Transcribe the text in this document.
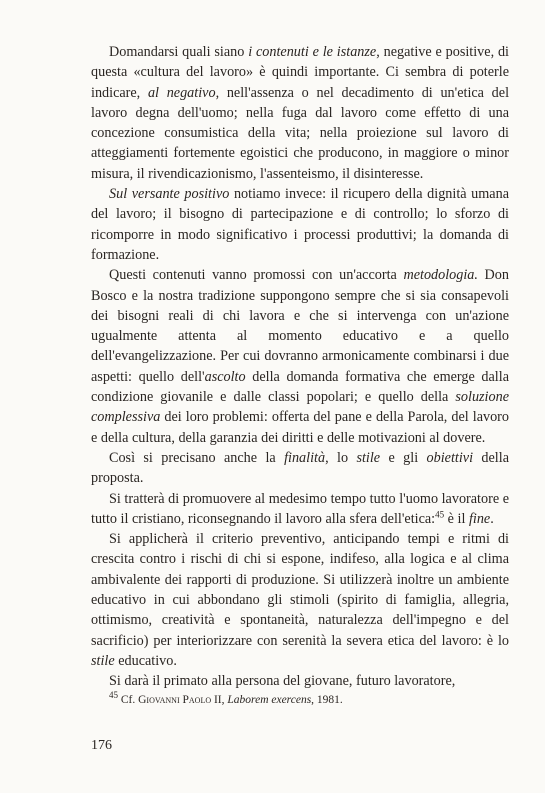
Domandarsi quali siano i contenuti e le istanze, negative e positive, di questa «cultura del lavoro» è quindi importante. Ci sembra di poterle indicare, al negativo, nell'assenza o nel decadimento di un'etica del lavoro degna dell'uomo; nella fuga dal lavoro come effetto di una concezione consumistica della vita; nella proiezione sul lavoro di atteggiamenti fortemente egoistici che producono, in maggiore o minor misura, il rivendicazionismo, l'assenteismo, il disinteresse.

Sul versante positivo notiamo invece: il ricupero della dignità umana del lavoro; il bisogno di partecipazione e di controllo; lo sforzo di ricomporre in modo significativo i processi produttivi; la domanda di formazione.

Questi contenuti vanno promossi con un'accorta metodologia. Don Bosco e la nostra tradizione suppongono sempre che si sia consapevoli dei bisogni reali di chi lavora e che si intervenga con un'azione ugualmente attenta al momento educativo e a quello dell'evangelizzazione. Per cui dovranno armonicamente combinarsi i due aspetti: quello dell'ascolto della domanda formativa che emerge dalla condizione giovanile e dalle classi popolari; e quello della soluzione complessiva dei loro problemi: offerta del pane e della Parola, del lavoro e della cultura, della garanzia dei diritti e delle motivazioni al dovere.

Così si precisano anche la finalità, lo stile e gli obiettivi della proposta.

Si tratterà di promuovere al medesimo tempo tutto l'uomo lavoratore e tutto il cristiano, riconsegnando il lavoro alla sfera dell'etica:$^{45}$ è il fine.

Si applicherà il criterio preventivo, anticipando tempi e ritmi di crescita contro i rischi di chi si espone, indifeso, alla logica e al clima ambivalente dei rapporti di produzione. Si utilizzerà inoltre un ambiente educativo in cui abbondano gli stimoli (spirito di famiglia, allegria, ottimismo, creatività e spontaneità, naturalezza dell'impegno e del sacrificio) per interiorizzare con serenità la severa etica del lavoro: è lo stile educativo.

Si darà il primato alla persona del giovane, futuro lavoratore,

$^{45}$ Cf. Giovanni Paolo II, Laborem exercens, 1981.
176
